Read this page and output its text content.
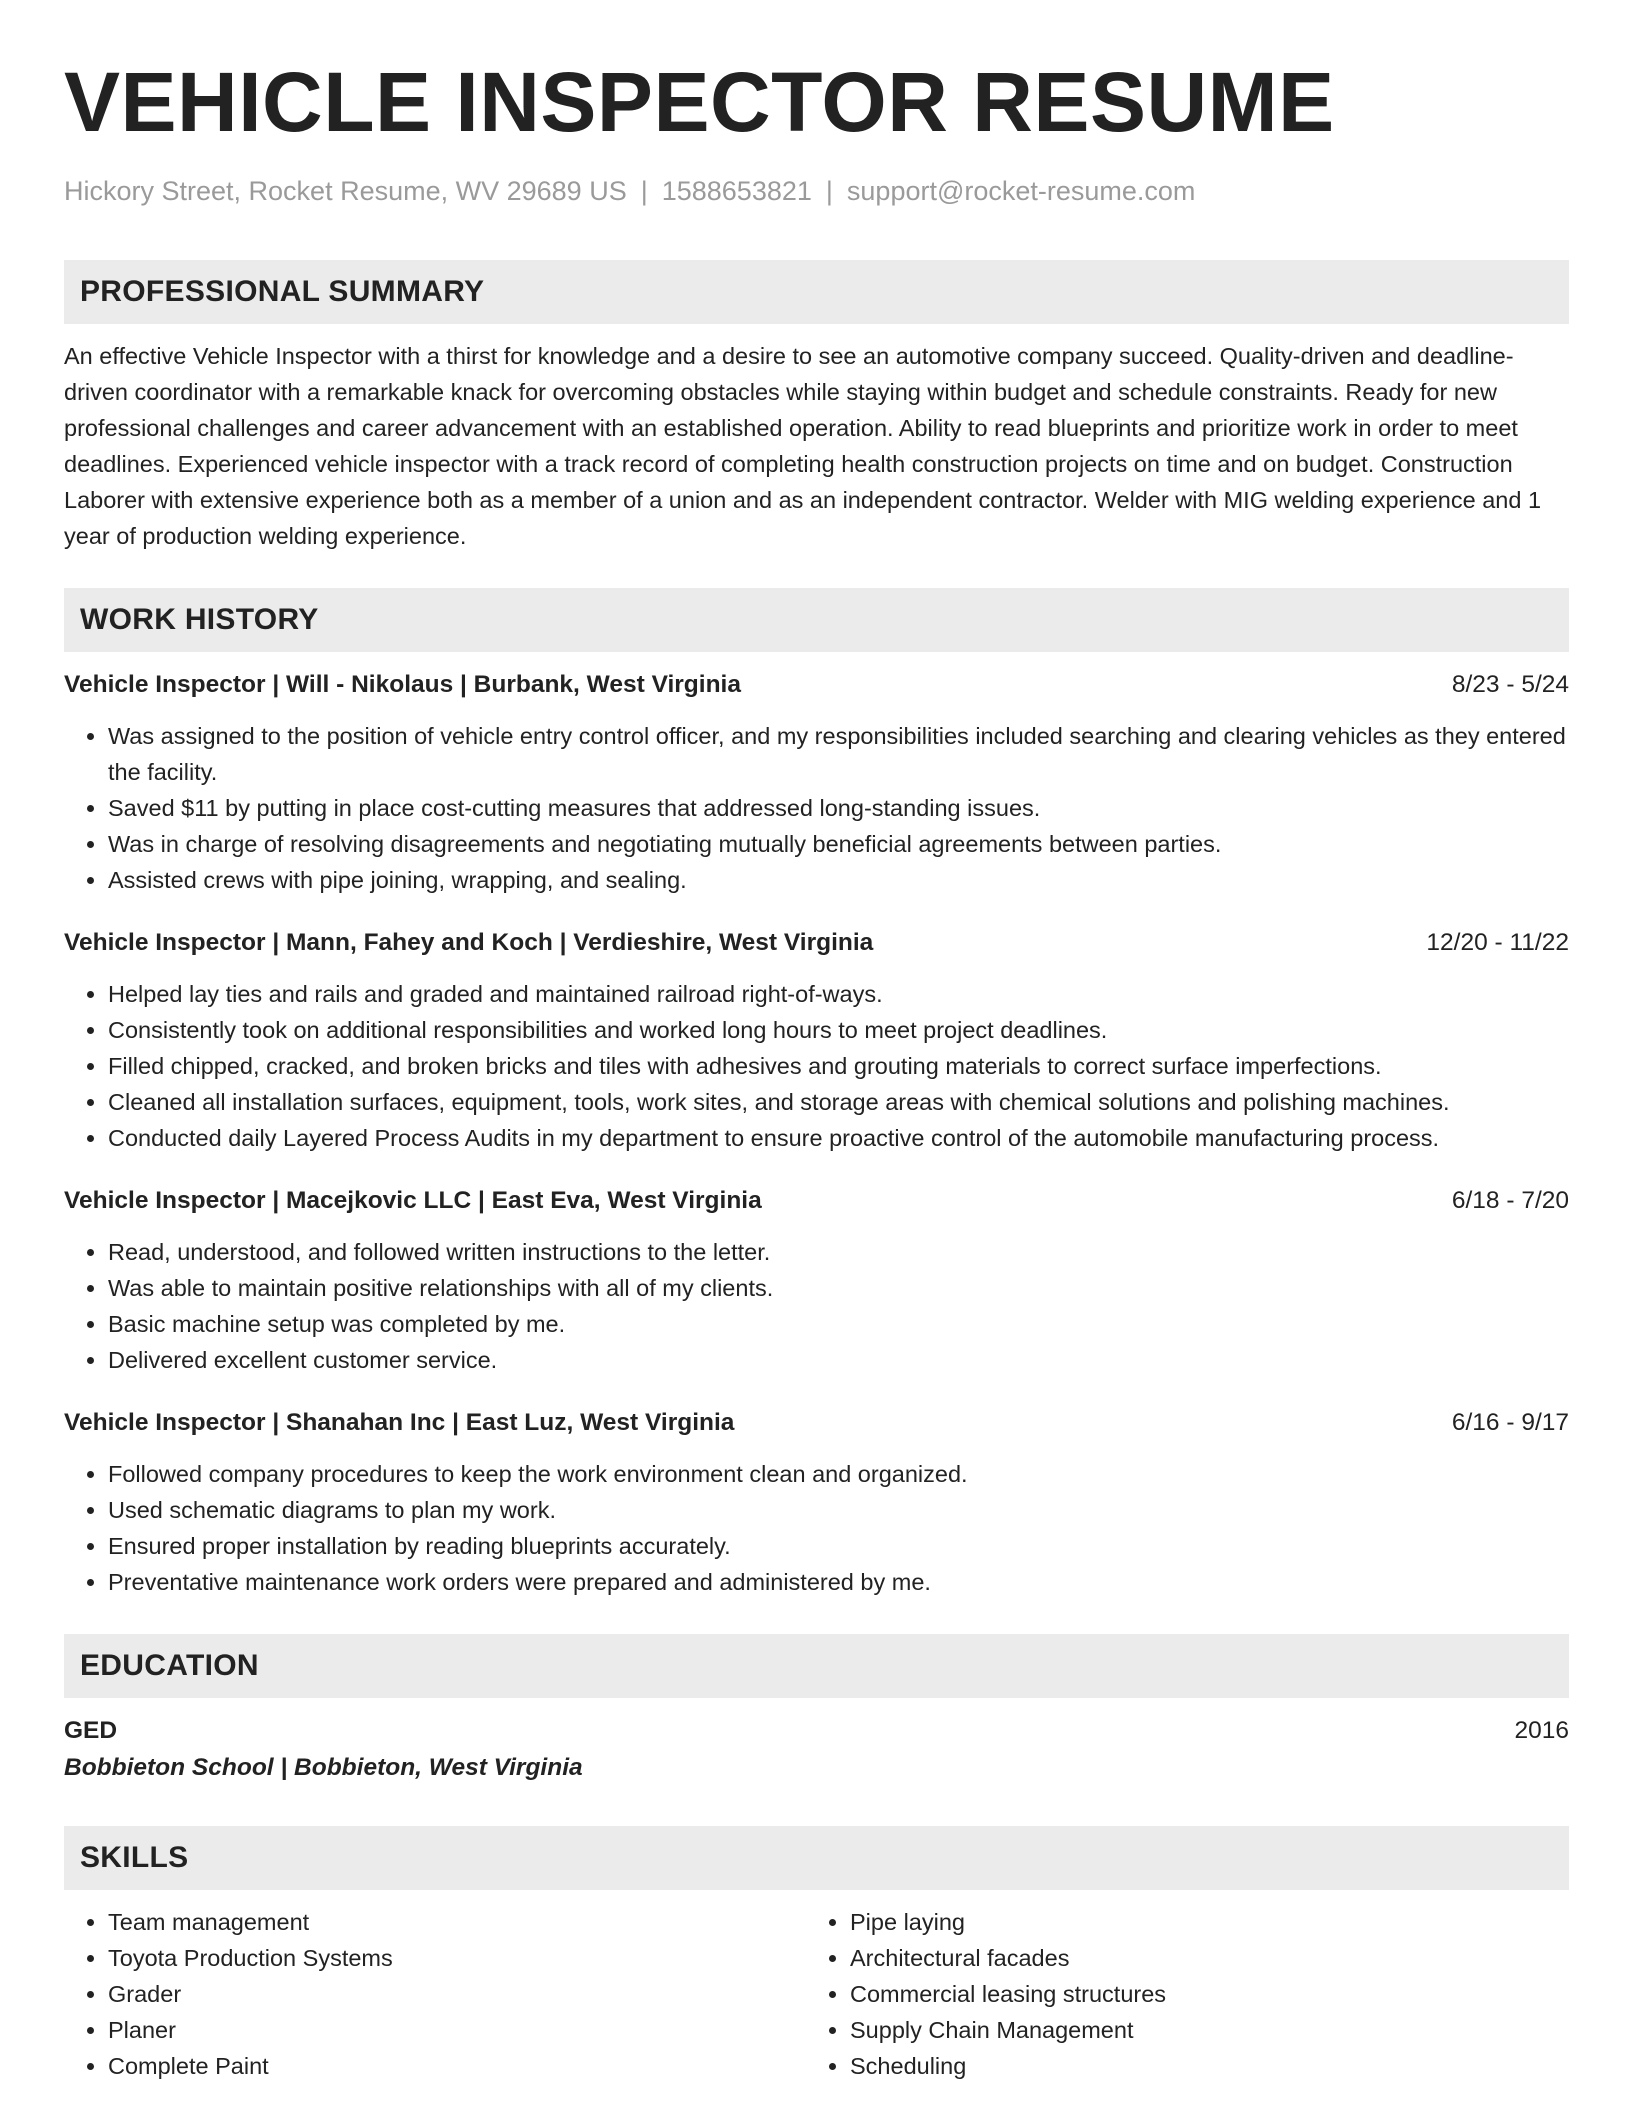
VEHICLE INSPECTOR RESUME
Hickory Street, Rocket Resume, WV 29689 US | 1588653821 | support@rocket-resume.com
PROFESSIONAL SUMMARY
An effective Vehicle Inspector with a thirst for knowledge and a desire to see an automotive company succeed. Quality-driven and deadline-driven coordinator with a remarkable knack for overcoming obstacles while staying within budget and schedule constraints. Ready for new professional challenges and career advancement with an established operation. Ability to read blueprints and prioritize work in order to meet deadlines. Experienced vehicle inspector with a track record of completing health construction projects on time and on budget. Construction Laborer with extensive experience both as a member of a union and as an independent contractor. Welder with MIG welding experience and 1 year of production welding experience.
WORK HISTORY
Vehicle Inspector | Will - Nikolaus | Burbank, West Virginia	8/23 - 5/24
• Was assigned to the position of vehicle entry control officer, and my responsibilities included searching and clearing vehicles as they entered the facility.
• Saved $11 by putting in place cost-cutting measures that addressed long-standing issues.
• Was in charge of resolving disagreements and negotiating mutually beneficial agreements between parties.
• Assisted crews with pipe joining, wrapping, and sealing.
Vehicle Inspector | Mann, Fahey and Koch | Verdieshire, West Virginia	12/20 - 11/22
• Helped lay ties and rails and graded and maintained railroad right-of-ways.
• Consistently took on additional responsibilities and worked long hours to meet project deadlines.
• Filled chipped, cracked, and broken bricks and tiles with adhesives and grouting materials to correct surface imperfections.
• Cleaned all installation surfaces, equipment, tools, work sites, and storage areas with chemical solutions and polishing machines.
• Conducted daily Layered Process Audits in my department to ensure proactive control of the automobile manufacturing process.
Vehicle Inspector | Macejkovic LLC | East Eva, West Virginia	6/18 - 7/20
• Read, understood, and followed written instructions to the letter.
• Was able to maintain positive relationships with all of my clients.
• Basic machine setup was completed by me.
• Delivered excellent customer service.
Vehicle Inspector | Shanahan Inc | East Luz, West Virginia	6/16 - 9/17
• Followed company procedures to keep the work environment clean and organized.
• Used schematic diagrams to plan my work.
• Ensured proper installation by reading blueprints accurately.
• Preventative maintenance work orders were prepared and administered by me.
EDUCATION
GED	2016
Bobbieton School | Bobbieton, West Virginia
SKILLS
• Team management
• Toyota Production Systems
• Grader
• Planer
• Complete Paint
• Pipe laying
• Architectural facades
• Commercial leasing structures
• Supply Chain Management
• Scheduling
